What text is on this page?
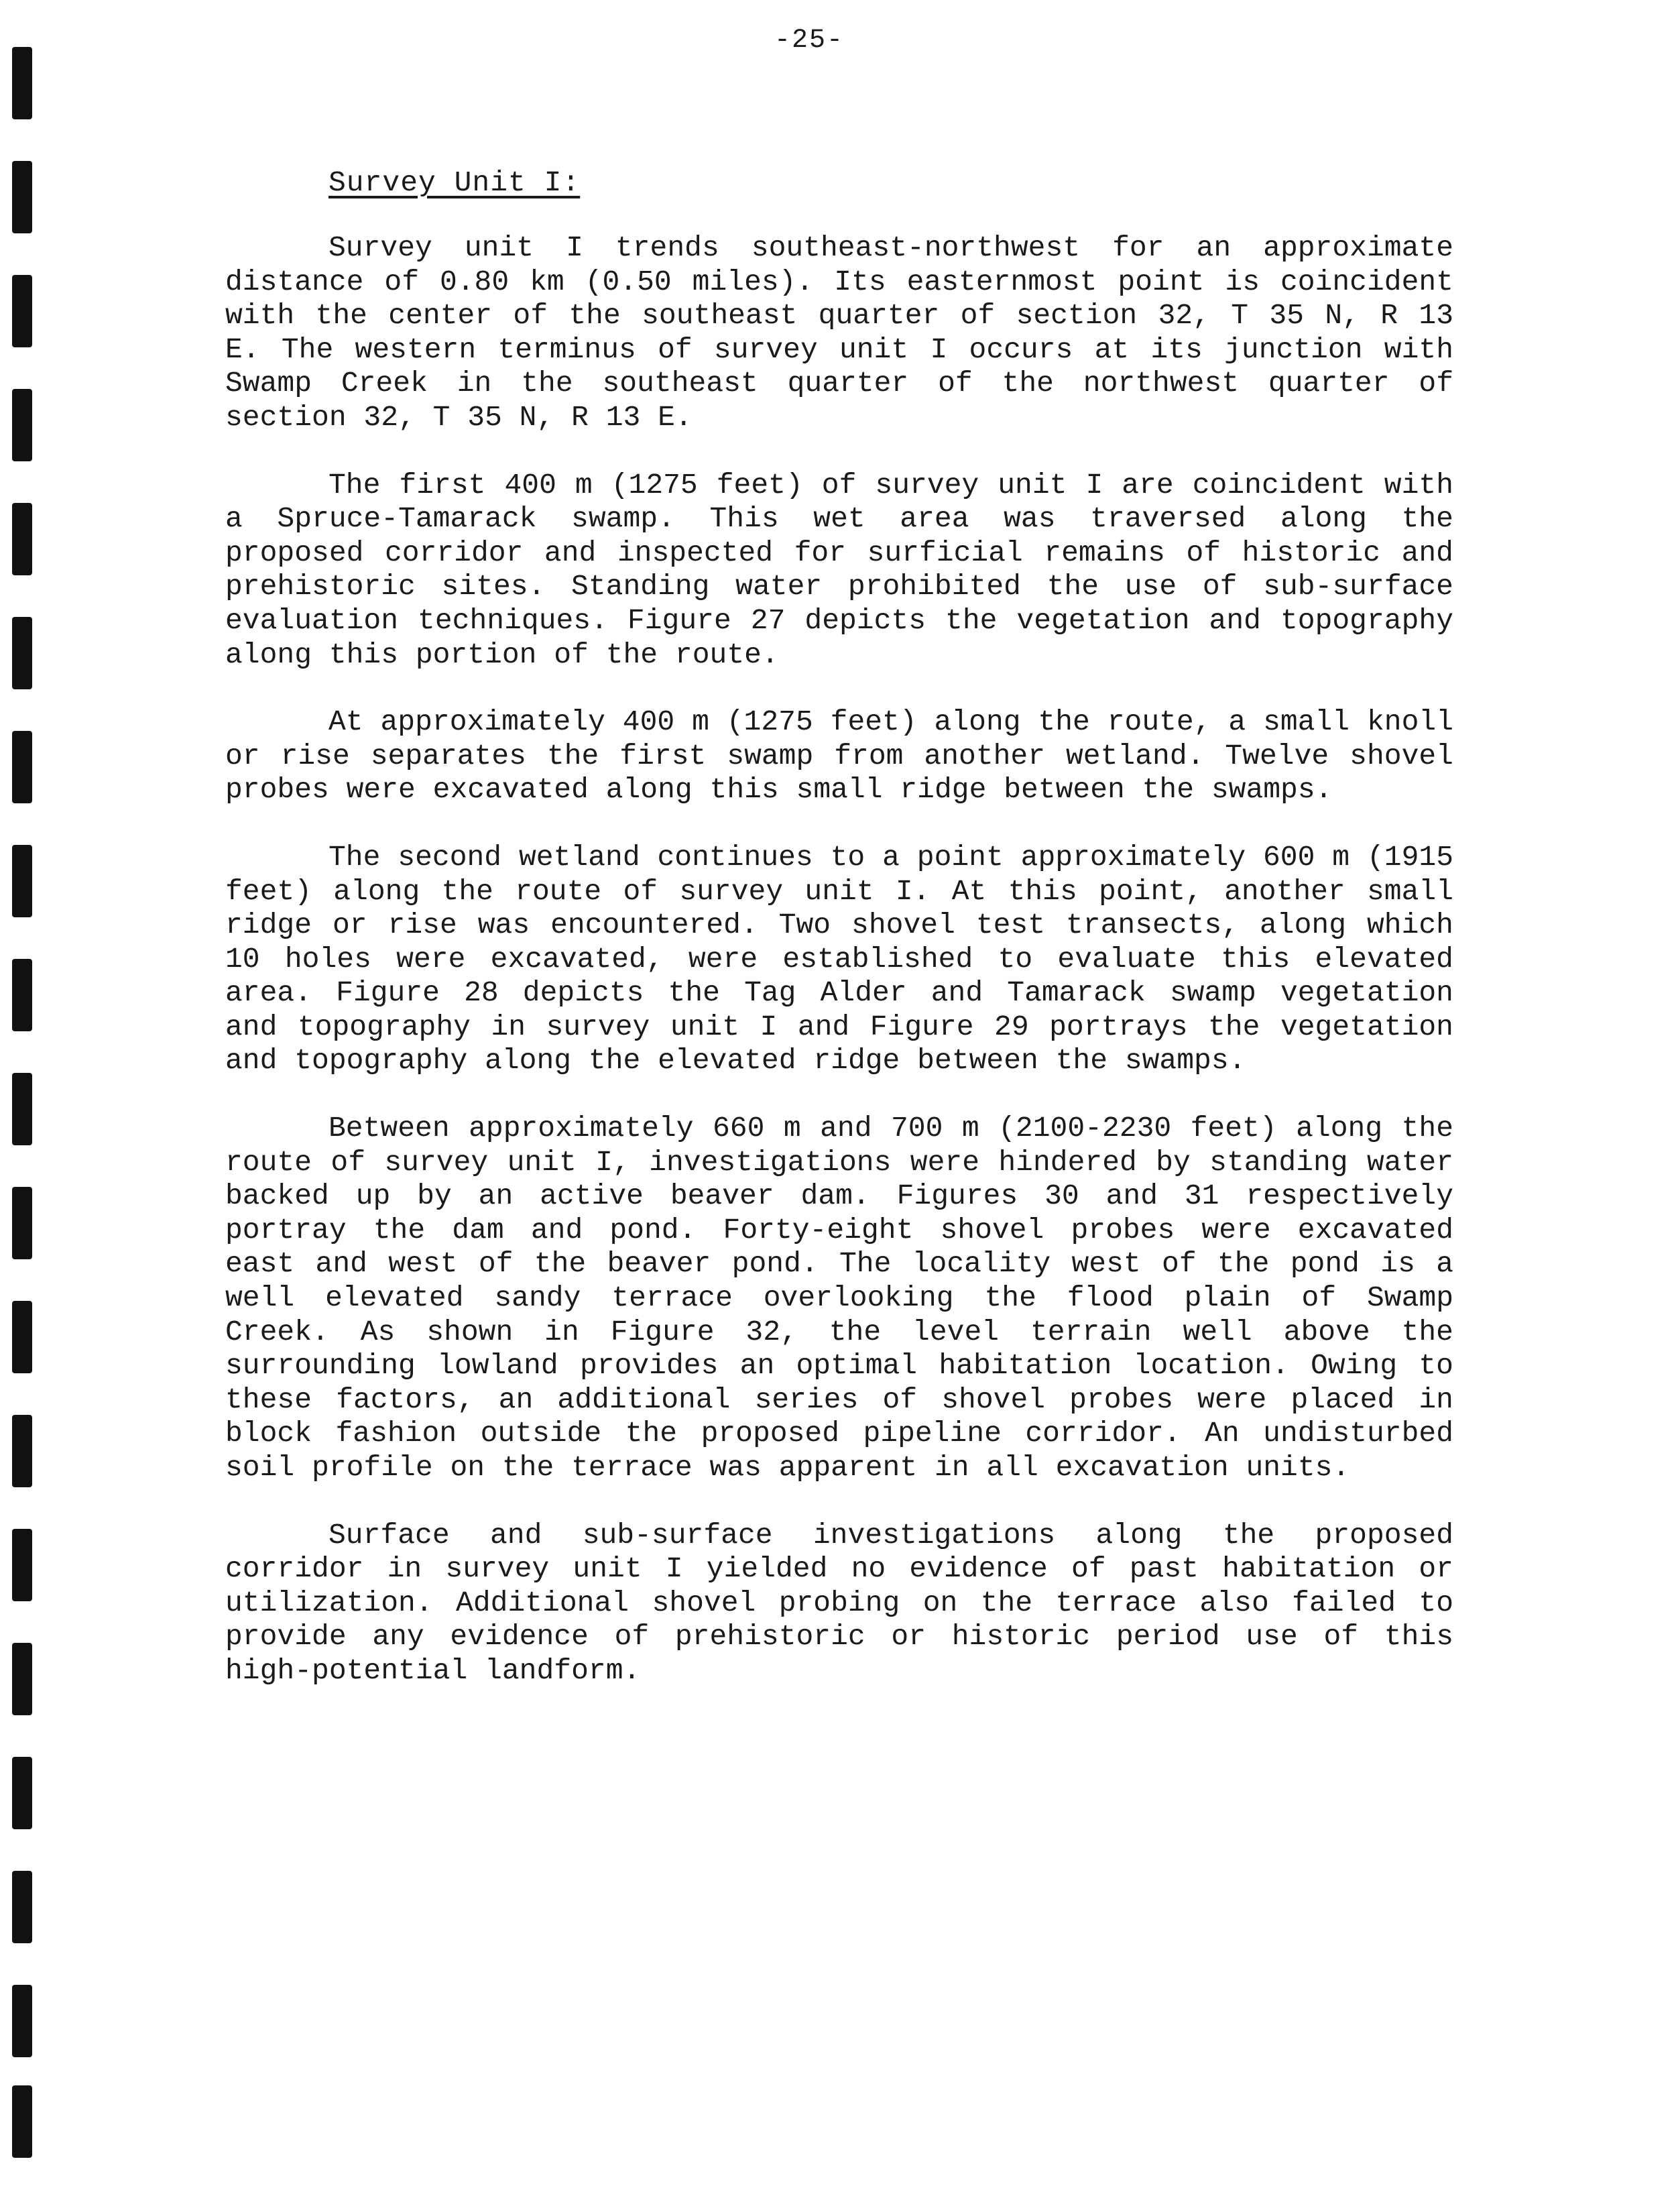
-25-
Survey Unit I:

Survey unit I trends southeast-northwest for an approximate distance of 0.80 km (0.50 miles). Its easternmost point is coincident with the center of the southeast quarter of section 32, T 35 N, R 13 E. The western terminus of survey unit I occurs at its junction with Swamp Creek in the southeast quarter of the northwest quarter of section 32, T 35 N, R 13 E.

The first 400 m (1275 feet) of survey unit I are coincident with a Spruce-Tamarack swamp. This wet area was traversed along the proposed corridor and inspected for surficial remains of historic and prehistoric sites. Standing water prohibited the use of sub-surface evaluation techniques. Figure 27 depicts the vegetation and topography along this portion of the route.

At approximately 400 m (1275 feet) along the route, a small knoll or rise separates the first swamp from another wetland. Twelve shovel probes were excavated along this small ridge between the swamps.

The second wetland continues to a point approximately 600 m (1915 feet) along the route of survey unit I. At this point, another small ridge or rise was encountered. Two shovel test transects, along which 10 holes were excavated, were established to evaluate this elevated area. Figure 28 depicts the Tag Alder and Tamarack swamp vegetation and topography in survey unit I and Figure 29 portrays the vegetation and topography along the elevated ridge between the swamps.

Between approximately 660 m and 700 m (2100-2230 feet) along the route of survey unit I, investigations were hindered by standing water backed up by an active beaver dam. Figures 30 and 31 respectively portray the dam and pond. Forty-eight shovel probes were excavated east and west of the beaver pond. The locality west of the pond is a well elevated sandy terrace overlooking the flood plain of Swamp Creek. As shown in Figure 32, the level terrain well above the surrounding lowland provides an optimal habitation location. Owing to these factors, an additional series of shovel probes were placed in block fashion outside the proposed pipeline corridor. An undisturbed soil profile on the terrace was apparent in all excavation units.

Surface and sub-surface investigations along the proposed corridor in survey unit I yielded no evidence of past habitation or utilization. Additional shovel probing on the terrace also failed to provide any evidence of prehistoric or historic period use of this high-potential landform.
